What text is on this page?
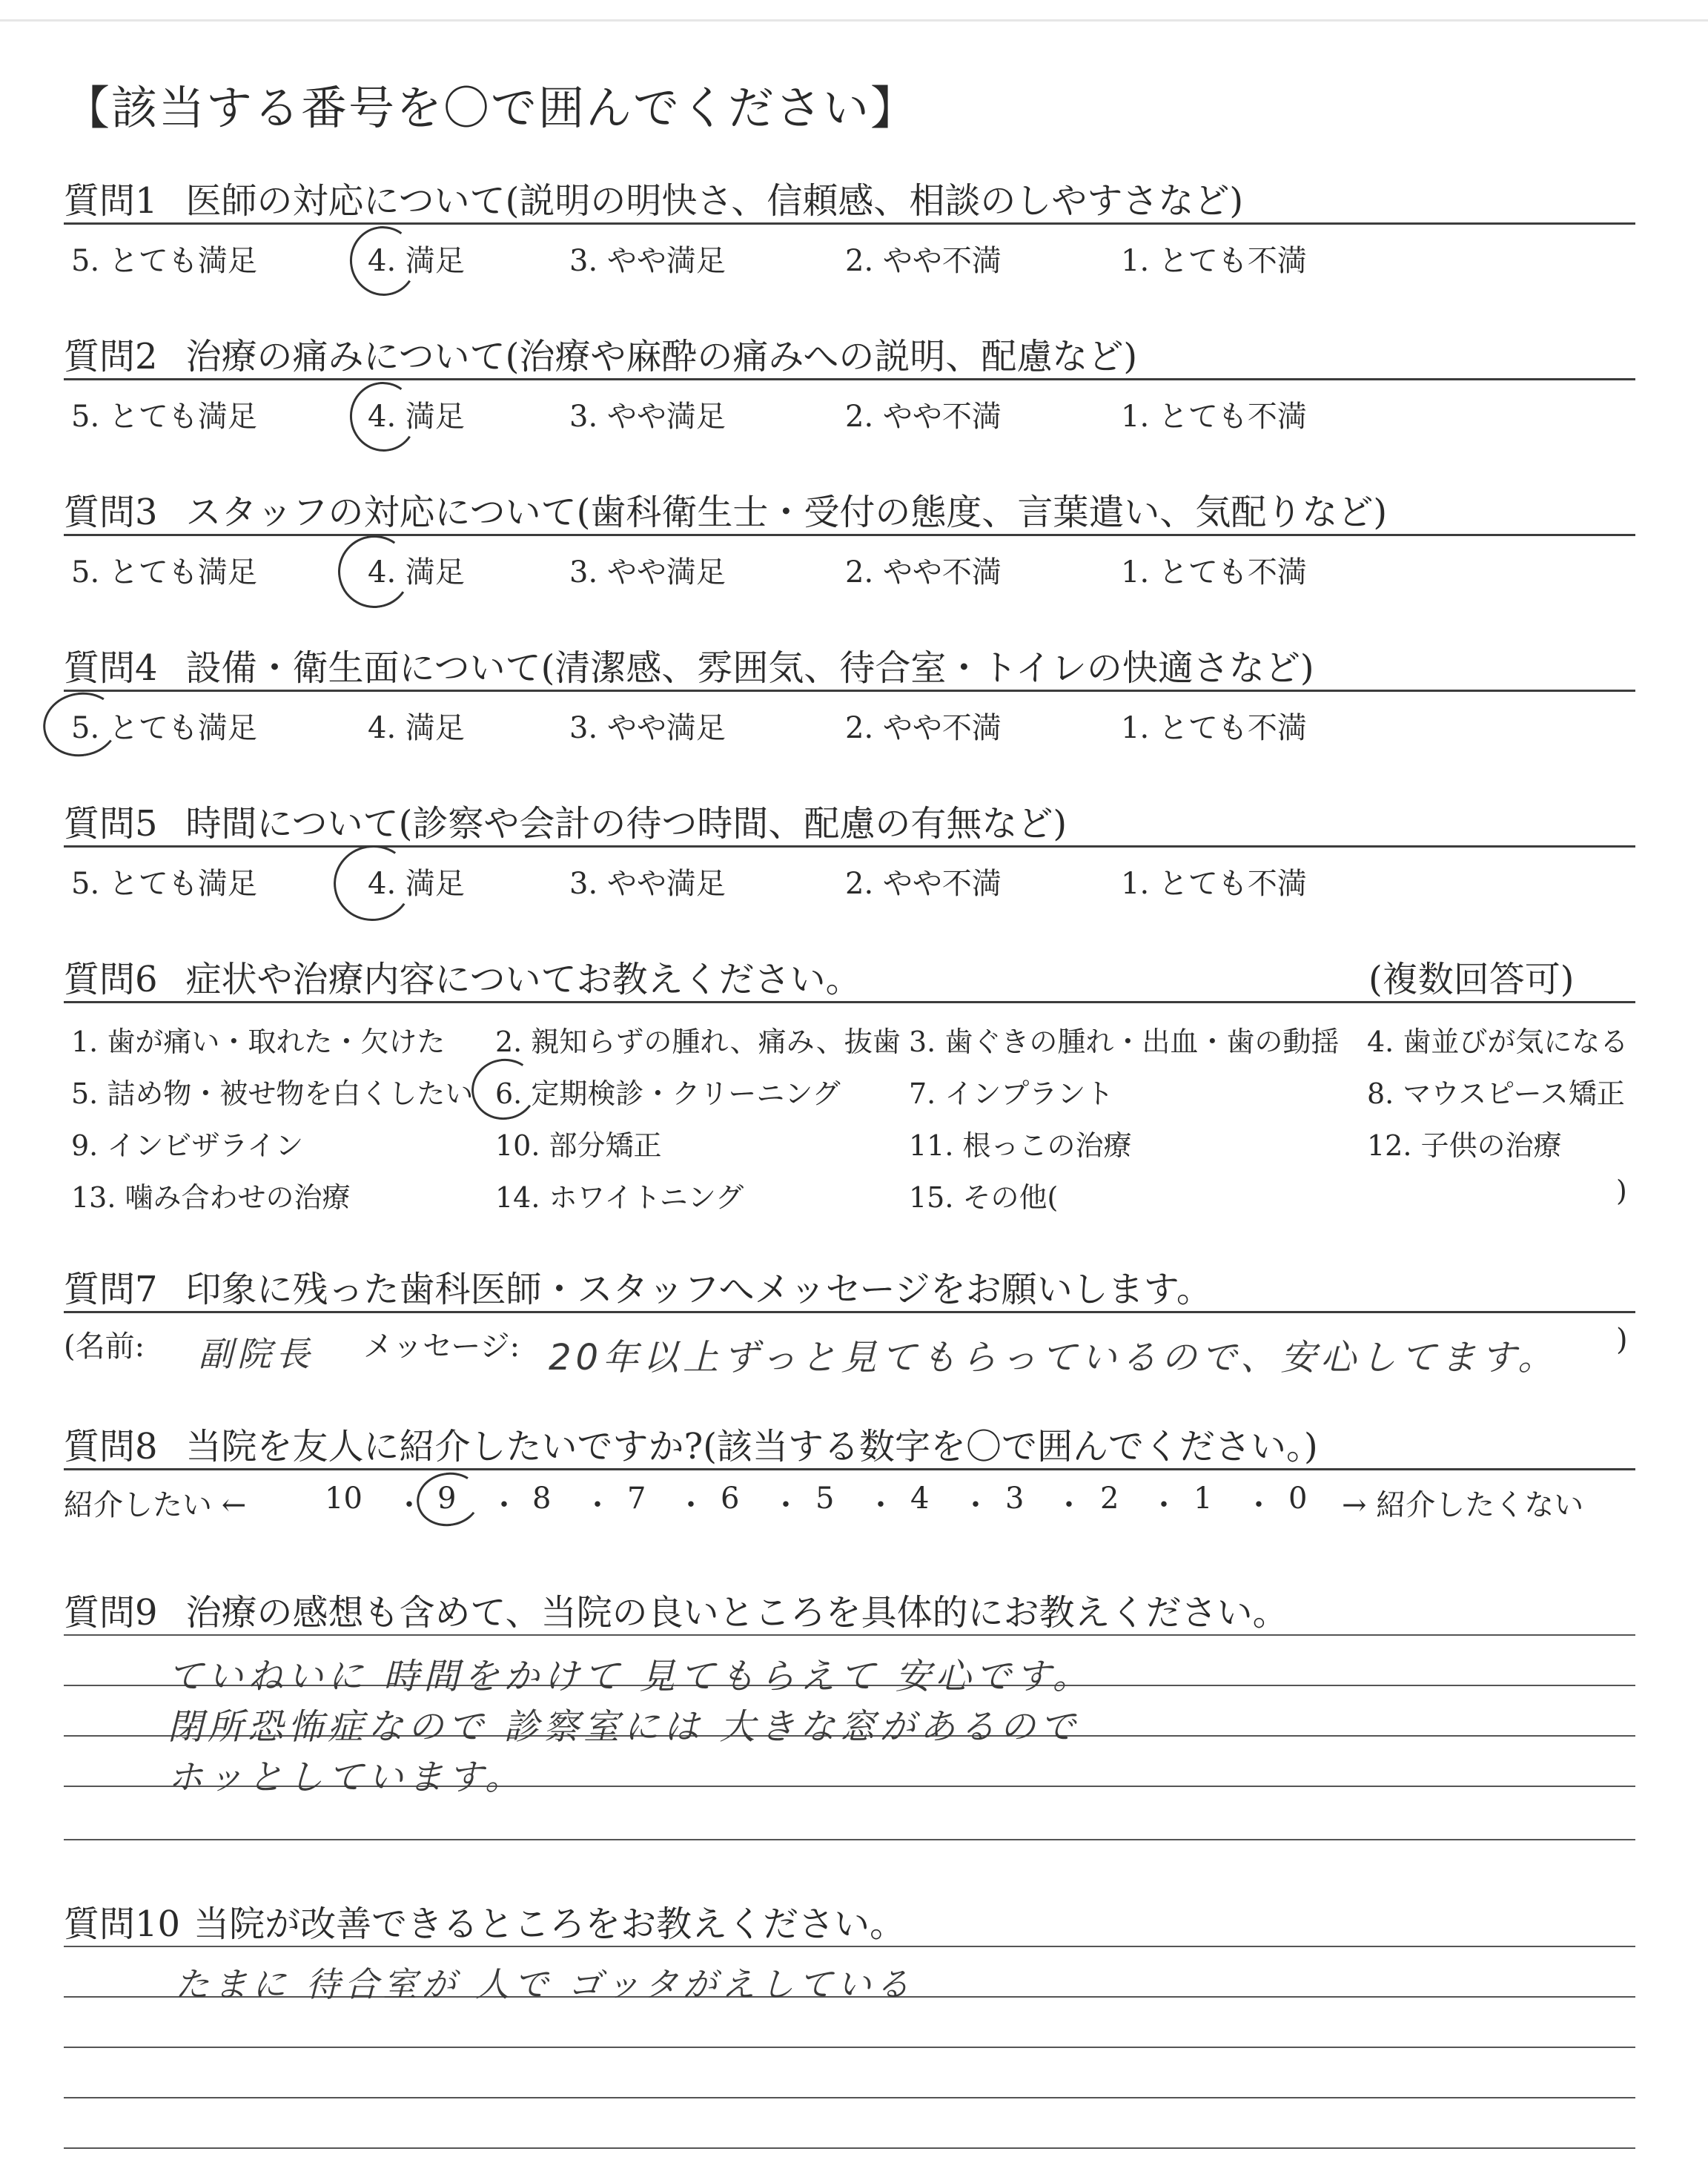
【該当する番号を〇で囲んでください】
質問1 医師の対応について(説明の明快さ、信頼感、相談のしやすさなど)
5. とても満足	4. 満足	3. やや満足	2. やや不満	1. とても不満
質問2 治療の痛みについて(治療や麻酔の痛みへの説明、配慮など)
5. とても満足	4. 満足	3. やや満足	2. やや不満	1. とても不満
質問3 スタッフの対応について(歯科衛生士・受付の態度、言葉遣い、気配りなど)
5. とても満足	4. 満足	3. やや満足	2. やや不満	1. とても不満
質問4 設備・衛生面について(清潔感、雰囲気、待合室・トイレの快適さなど)
5. とても満足	4. 満足	3. やや満足	2. やや不満	1. とても不満
質問5 時間について(診察や会計の待つ時間、配慮の有無など)
5. とても満足	4. 満足	3. やや満足	2. やや不満	1. とても不満
質問6 症状や治療内容についてお教えください。	(複数回答可)
1. 歯が痛い・取れた・欠けた 2. 親知らずの腫れ、痛み、抜歯 3. 歯ぐきの腫れ・出血・歯の動揺 4. 歯並びが気になる
5. 詰め物・被せ物を白くしたい 6. 定期検診・クリーニング 7. インプラント	8. マウスピース矯正
9. インビザライン	10. 部分矯正	11. 根っこの治療	12. 子供の治療
13. 噛み合わせの治療	14. ホワイトニング	15. その他(	)
質問7 印象に残った歯科医師・スタッフへメッセージをお願いします。
(名前: 副院長 メッセージ: 20年以上ずっと見てもらっているので、安心してます。 )
質問8 当院を友人に紹介したいですか?(該当する数字を〇で囲んでください。)
紹介したい ←	10	9	8	7	6	5	4	3	2	1	0
・ ・ ・ ・ ・ ・ ・ ・ ・ ・ → 紹介したくない
質問9 治療の感想も含めて、当院の良いところを具体的にお教えください。
ていねいに 時間をかけて 見てもらえて 安心です。
閉所恐怖症なので 診察室には 大きな窓があるので
ホッとしています。
質問10 当院が改善できるところをお教えください。
たまに 待合室が 人で ゴッタがえしている
